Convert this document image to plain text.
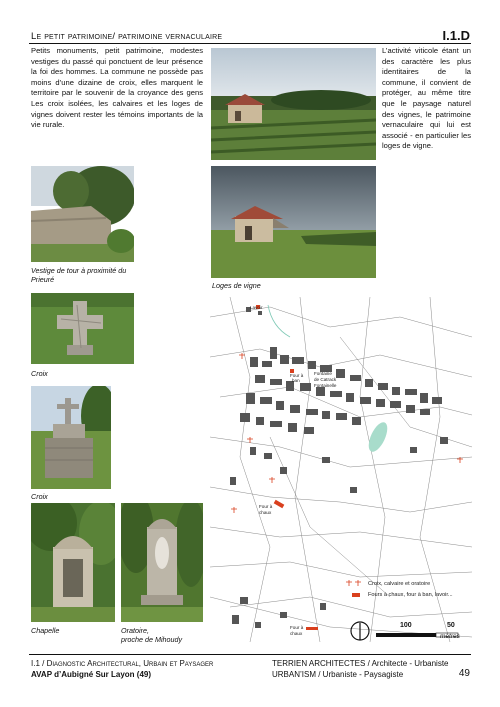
Le petit patrimoine/ patrimoine vernaculaire	I.1.D

Petits monuments, petit patrimoine, modestes vestiges du passé qui ponctuent de leur présence la foi des hommes. La commune ne possède pas moins d’une dizaine de croix, elles marquent le territoire par le souvenir de la croyance des gens Les croix isolées, les calvaires et les loges de vignes doivent rester les témoins importants de la vie rurale.

L’activité viticole étant un des caractère les plus identitaires de la commune, il convient de protéger, au même titre que le paysage naturel des vignes, le patrimoine vernaculaire qui lui est associé - en particulier les loges de vigne.

Vestige de tour à proximité du Prieuré
Loges de vigne
Croix
Croix
Chapelle	Oratoire,
proche de Mihoudy
Lavoir
Four à
ban
Fontaine
de Catrack
Fontainelle
Four à
chaux
Four à
chaux
Croix, calvaire et oratoire
Fours à chaux, four à ban, lavoir...
100	50
mètres
I.1 / Diagnostic Architectural, Urbain et Paysager
AVAP d’Aubigné Sur Layon (49)
TERRIEN ARCHITECTES / Architecte - Urbaniste
URBAN’ISM / Urbaniste - Paysagiste	49
